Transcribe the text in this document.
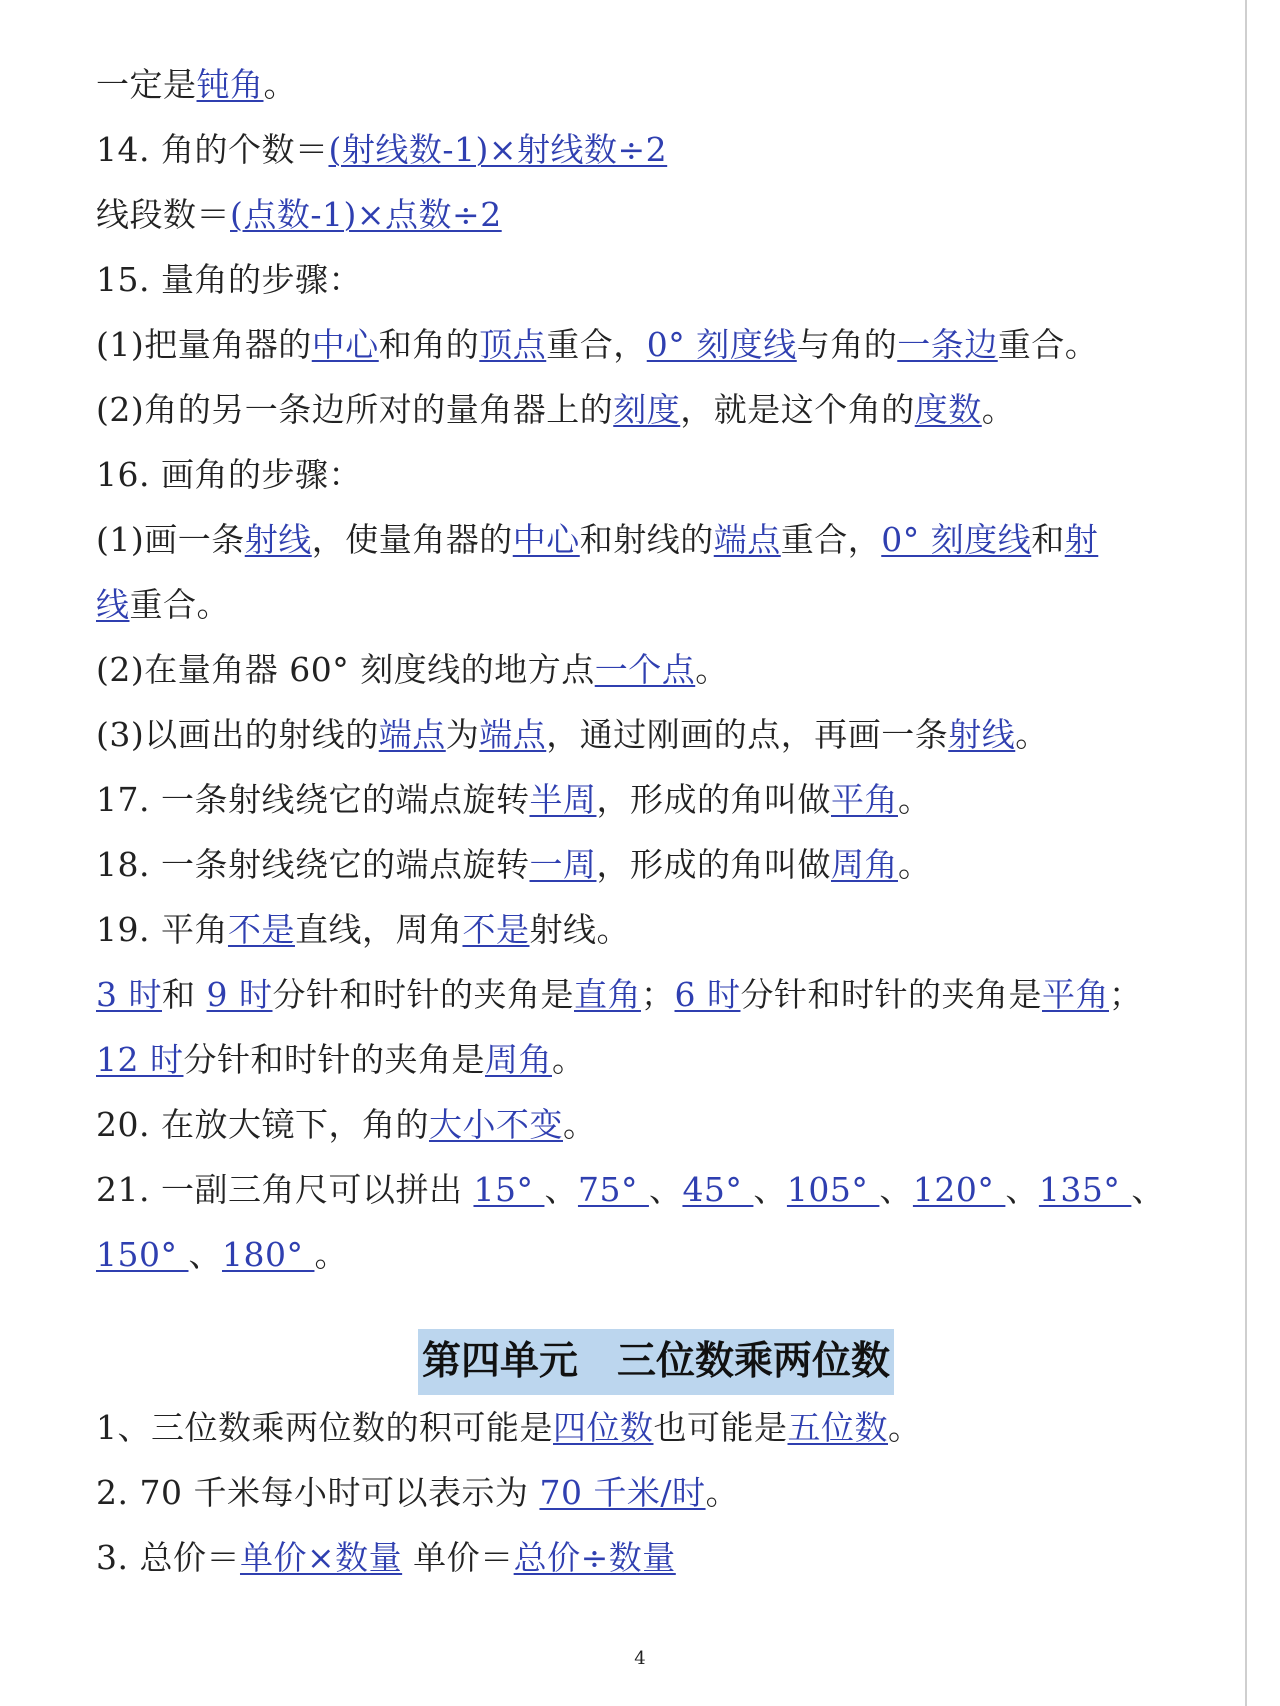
一定是钝角。
14. 角的个数＝(射线数-1)×射线数÷2
线段数＝(点数-1)×点数÷2
15. 量角的步骤：
(1)把量角器的中心和角的顶点重合，0° 刻度线与角的一条边重合。
(2)角的另一条边所对的量角器上的刻度，就是这个角的度数。
16. 画角的步骤：
(1)画一条射线，使量角器的中心和射线的端点重合，0° 刻度线和射
线重合。
(2)在量角器 60° 刻度线的地方点一个点。
(3)以画出的射线的端点为端点，通过刚画的点，再画一条射线。
17. 一条射线绕它的端点旋转半周，形成的角叫做平角。
18. 一条射线绕它的端点旋转一周，形成的角叫做周角。
19. 平角不是直线，周角不是射线。
3 时和 9 时分针和时针的夹角是直角；6 时分针和时针的夹角是平角；
12 时分针和时针的夹角是周角。
20. 在放大镜下，角的大小不变。
21. 一副三角尺可以拼出 15° 、75° 、45° 、105° 、120° 、135° 、
150° 、180° 。
第四单元　三位数乘两位数
1、三位数乘两位数的积可能是四位数也可能是五位数。
2. 70 千米每小时可以表示为 70 千米/时。
3. 总价＝单价×数量 单价＝总价÷数量
4
